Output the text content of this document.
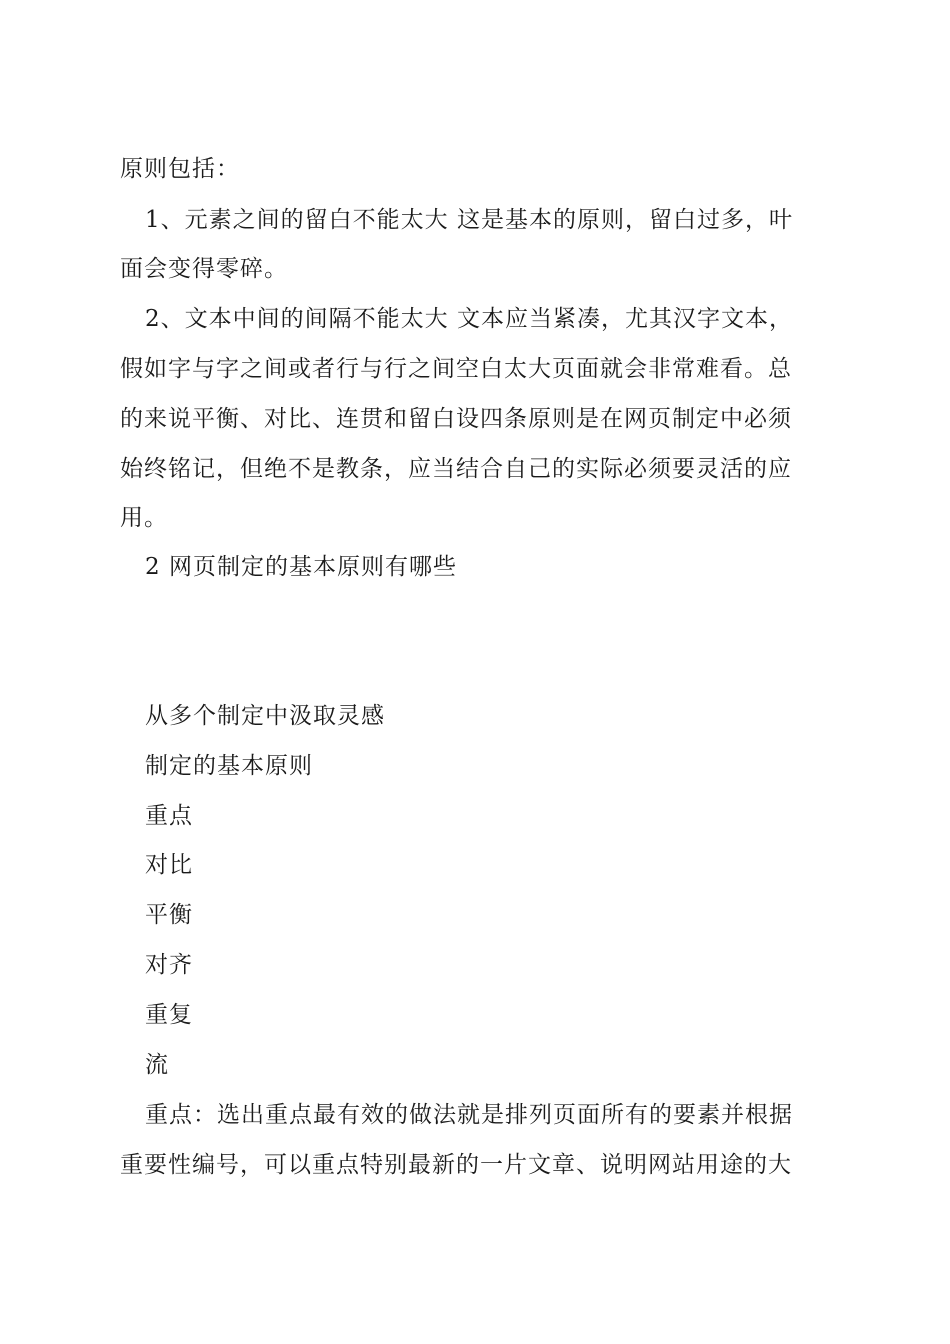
原则包括：
1、元素之间的留白不能太大 这是基本的原则，留白过多，叶
面会变得零碎。
2、文本中间的间隔不能太大 文本应当紧凑，尤其汉字文本，
假如字与字之间或者行与行之间空白太大页面就会非常难看。总
的来说平衡、对比、连贯和留白设四条原则是在网页制定中必须
始终铭记，但绝不是教条，应当结合自己的实际必须要灵活的应
用。
2 网页制定的基本原则有哪些
从多个制定中汲取灵感
制定的基本原则
重点
对比
平衡
对齐
重复
流
重点：选出重点最有效的做法就是排列页面所有的要素并根据
重要性编号，可以重点特别最新的一片文章、说明网站用途的大
